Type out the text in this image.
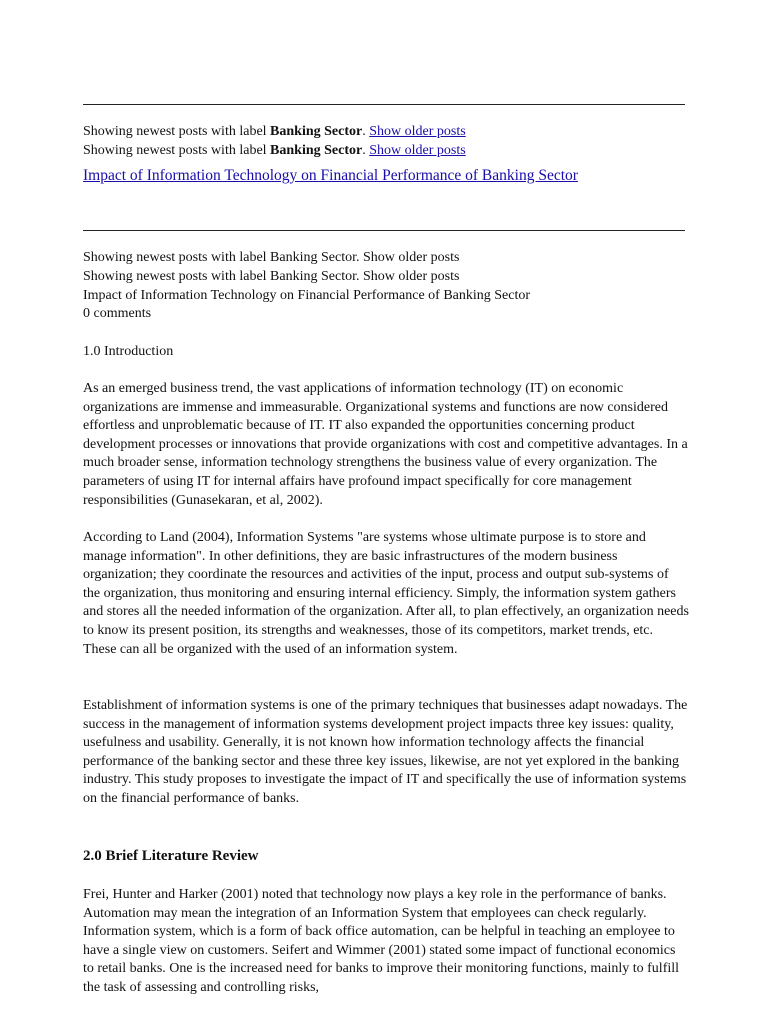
Showing newest posts with label Banking Sector. Show older posts
Showing newest posts with label Banking Sector. Show older posts
Impact of Information Technology on Financial Performance of Banking Sector
Showing newest posts with label Banking Sector. Show older posts
Showing newest posts with label Banking Sector. Show older posts
Impact of Information Technology on Financial Performance of Banking Sector
0 comments
1.0 Introduction

As an emerged business trend, the vast applications of information technology (IT) on economic organizations are immense and immeasurable. Organizational systems and functions are now considered effortless and unproblematic because of IT. IT also expanded the opportunities concerning product development processes or innovations that provide organizations with cost and competitive advantages. In a much broader sense, information technology strengthens the business value of every organization. The parameters of using IT for internal affairs have profound impact specifically for core management responsibilities (Gunasekaran, et al, 2002).

According to Land (2004), Information Systems "are systems whose ultimate purpose is to store and manage information". In other definitions, they are basic infrastructures of the modern business organization; they coordinate the resources and activities of the input, process and output sub-systems of the organization, thus monitoring and ensuring internal efficiency. Simply, the information system gathers and stores all the needed information of the organization. After all, to plan effectively, an organization needs to know its present position, its strengths and weaknesses, those of its competitors, market trends, etc. These can all be organized with the used of an information system.

Establishment of information systems is one of the primary techniques that businesses adapt nowadays. The success in the management of information systems development project impacts three key issues: quality, usefulness and usability. Generally, it is not known how information technology affects the financial performance of the banking sector and these three key issues, likewise, are not yet explored in the banking industry. This study proposes to investigate the impact of IT and specifically the use of information systems on the financial performance of banks.

2.0 Brief Literature Review

Frei, Hunter and Harker (2001) noted that technology now plays a key role in the performance of banks. Automation may mean the integration of an Information System that employees can check regularly. Information system, which is a form of back office automation, can be helpful in teaching an employee to have a single view on customers. Seifert and Wimmer (2001) stated some impact of functional economics to retail banks. One is the increased need for banks to improve their monitoring functions, mainly to fulfill the task of assessing and controlling risks,
